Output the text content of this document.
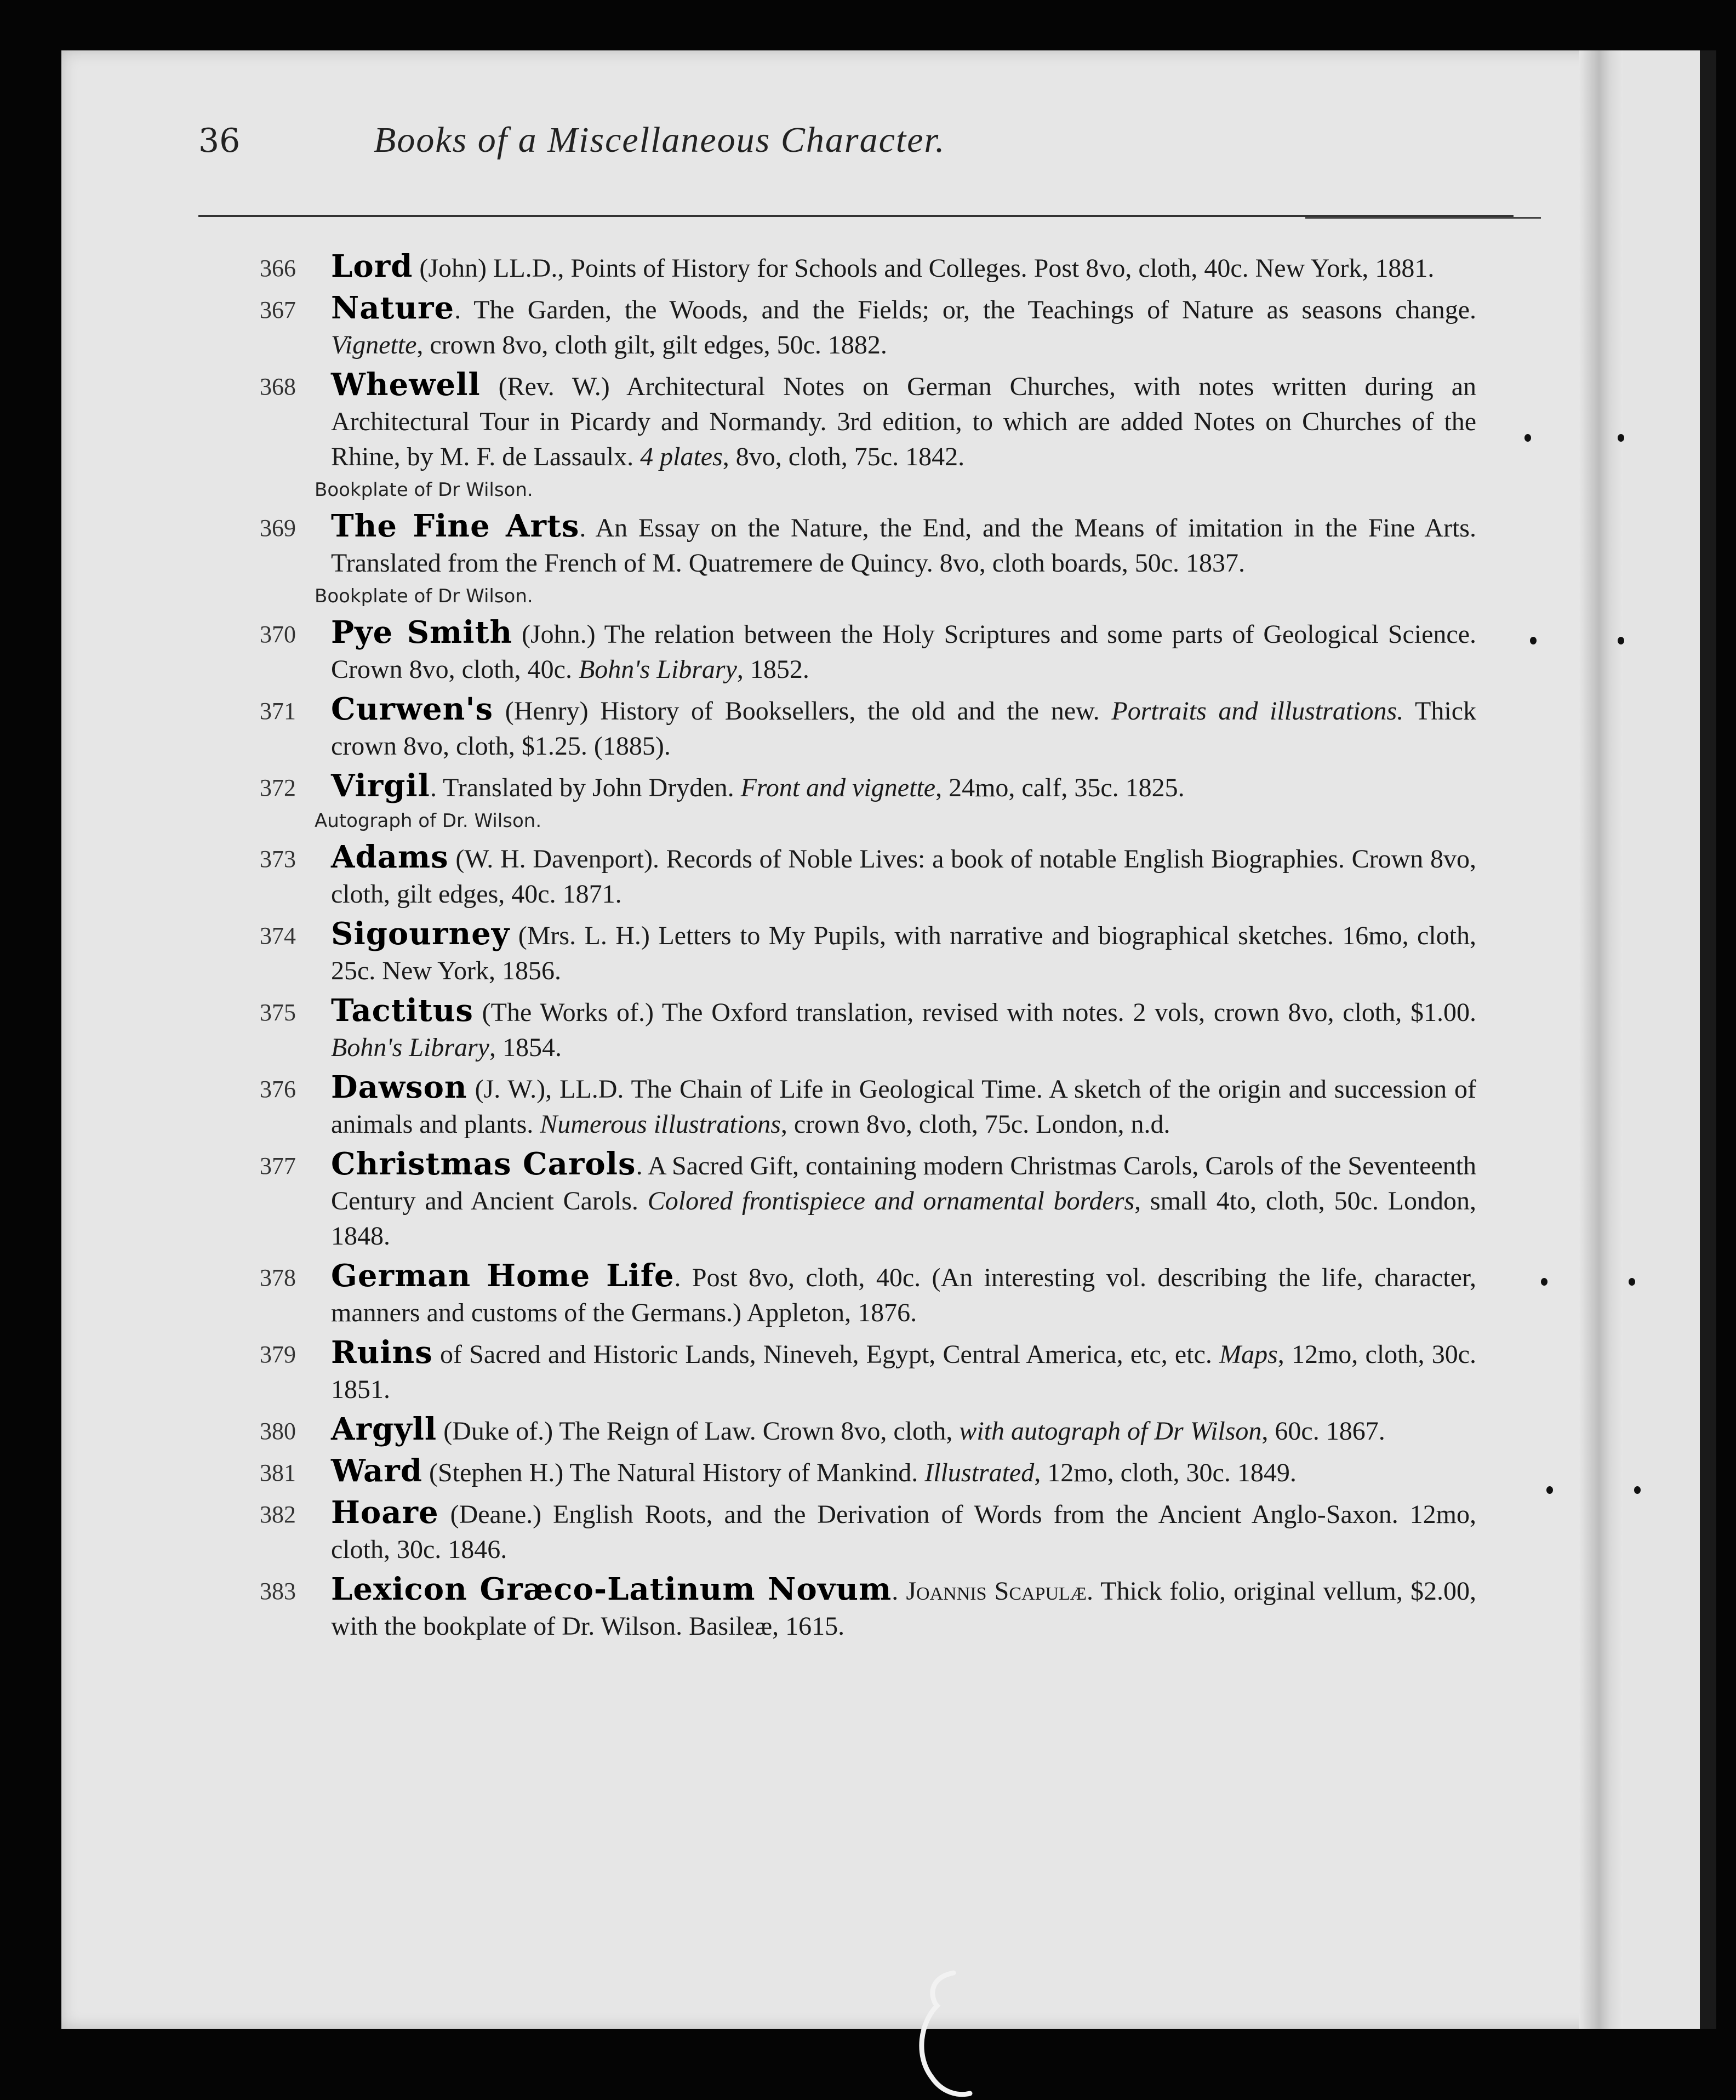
36	Books of a Miscellaneous Character.
366 Lord (John) LL.D., Points of History for Schools and Colleges. Post 8vo, cloth, 40c. New York, 1881.
367 Nature. The Garden, the Woods, and the Fields; or, the Teachings of Nature as seasons change. Vignette, crown 8vo, cloth gilt, gilt edges, 50c. 1882.
368 Whewell (Rev. W.) Architectural Notes on German Churches, with notes written during an Architectural Tour in Picardy and Normandy. 3rd edition, to which are added Notes on Churches of the Rhine, by M. F. de Lassaulx. 4 plates, 8vo, cloth, 75c. 1842.
Bookplate of Dr Wilson.
369 The Fine Arts. An Essay on the Nature, the End, and the Means of imitation in the Fine Arts. Translated from the French of M. Quatremere de Quincy. 8vo, cloth boards, 50c. 1837.
Bookplate of Dr Wilson.
370 Pye Smith (John.) The relation between the Holy Scriptures and some parts of Geological Science. Crown 8vo, cloth, 40c. Bohn's Library, 1852.
371 Curwen's (Henry) History of Booksellers, the old and the new. Portraits and illustrations. Thick crown 8vo, cloth, $1.25. (1885).
372 Virgil. Translated by John Dryden. Front and vignette, 24mo, calf, 35c. 1825.
Autograph of Dr. Wilson.
373 Adams (W. H. Davenport). Records of Noble Lives: a book of notable English Biographies. Crown 8vo, cloth, gilt edges, 40c. 1871.
374 Sigourney (Mrs. L. H.) Letters to My Pupils, with narrative and biographical sketches. 16mo, cloth, 25c. New York, 1856.
375 Tactitus (The Works of.) The Oxford translation, revised with notes. 2 vols, crown 8vo, cloth, $1.00. Bohn's Library, 1854.
376 Dawson (J. W.), LL.D. The Chain of Life in Geological Time. A sketch of the origin and succession of animals and plants. Numerous illustrations, crown 8vo, cloth, 75c. London, n.d.
377 Christmas Carols. A Sacred Gift, containing modern Christmas Carols, Carols of the Seventeenth Century and Ancient Carols. Colored frontispiece and ornamental borders, small 4to, cloth, 50c. London, 1848.
378 German Home Life. Post 8vo, cloth, 40c. (An interesting vol. describing the life, character, manners and customs of the Germans.) Appleton, 1876.
379 Ruins of Sacred and Historic Lands, Nineveh, Egypt, Central America, etc, etc. Maps, 12mo, cloth, 30c. 1851.
380 Argyll (Duke of.) The Reign of Law. Crown 8vo, cloth, with autograph of Dr Wilson, 60c. 1867.
381 Ward (Stephen H.) The Natural History of Mankind. Illustrated, 12mo, cloth, 30c. 1849.
382 Hoare (Deane.) English Roots, and the Derivation of Words from the Ancient Anglo-Saxon. 12mo, cloth, 30c. 1846.
383 Lexicon Græco-Latinum Novum. Joannis Scapulæ. Thick folio, original vellum, $2.00, with the bookplate of Dr. Wilson. Basileæ, 1615.
